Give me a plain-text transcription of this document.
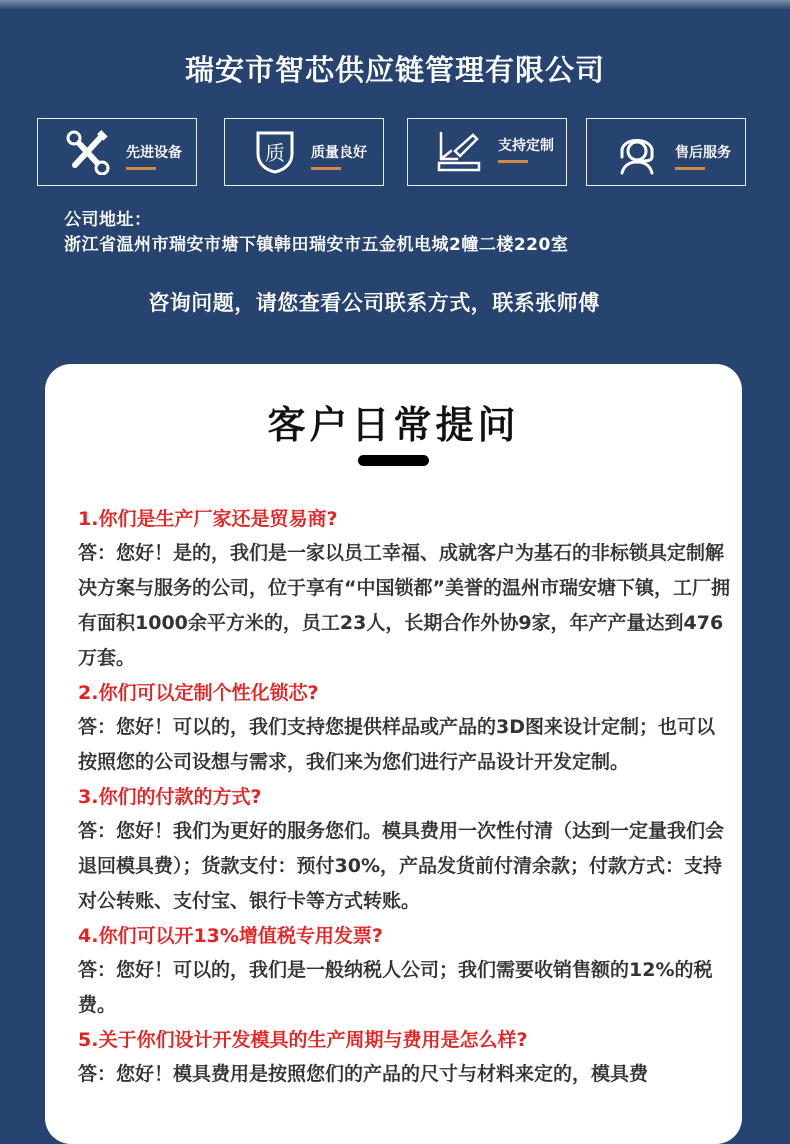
瑞安市智芯供应链管理有限公司
先进设备	质 质量良好	支持定制	售后服务
公司地址：
浙江省温州市瑞安市塘下镇韩田瑞安市五金机电城2幢二楼220室
咨询问题，请您查看公司联系方式，联系张师傅
客户日常提问
1.你们是生产厂家还是贸易商?
答：您好！是的，我们是一家以员工幸福、成就客户为基石的非标锁具定制解决方案与服务的公司，位于享有“中国锁都”美誉的温州市瑞安塘下镇，工厂拥有面积1000余平方米的，员工23人，长期合作外协9家，年产产量达到476万套。
2.你们可以定制个性化锁芯?
答：您好！可以的，我们支持您提供样品或产品的3D图来设计定制；也可以按照您的公司设想与需求，我们来为您们进行产品设计开发定制。
3.你们的付款的方式?
答：您好！我们为更好的服务您们。模具费用一次性付清（达到一定量我们会退回模具费）；货款支付：预付30%，产品发货前付清余款；付款方式：支持对公转账、支付宝、银行卡等方式转账。
4.你们可以开13%增值税专用发票?
答：您好！可以的，我们是一般纳税人公司；我们需要收销售额的12%的税费。
5.关于你们设计开发模具的生产周期与费用是怎么样?
答：您好！模具费用是按照您们的产品的尺寸与材料来定的，模具费
